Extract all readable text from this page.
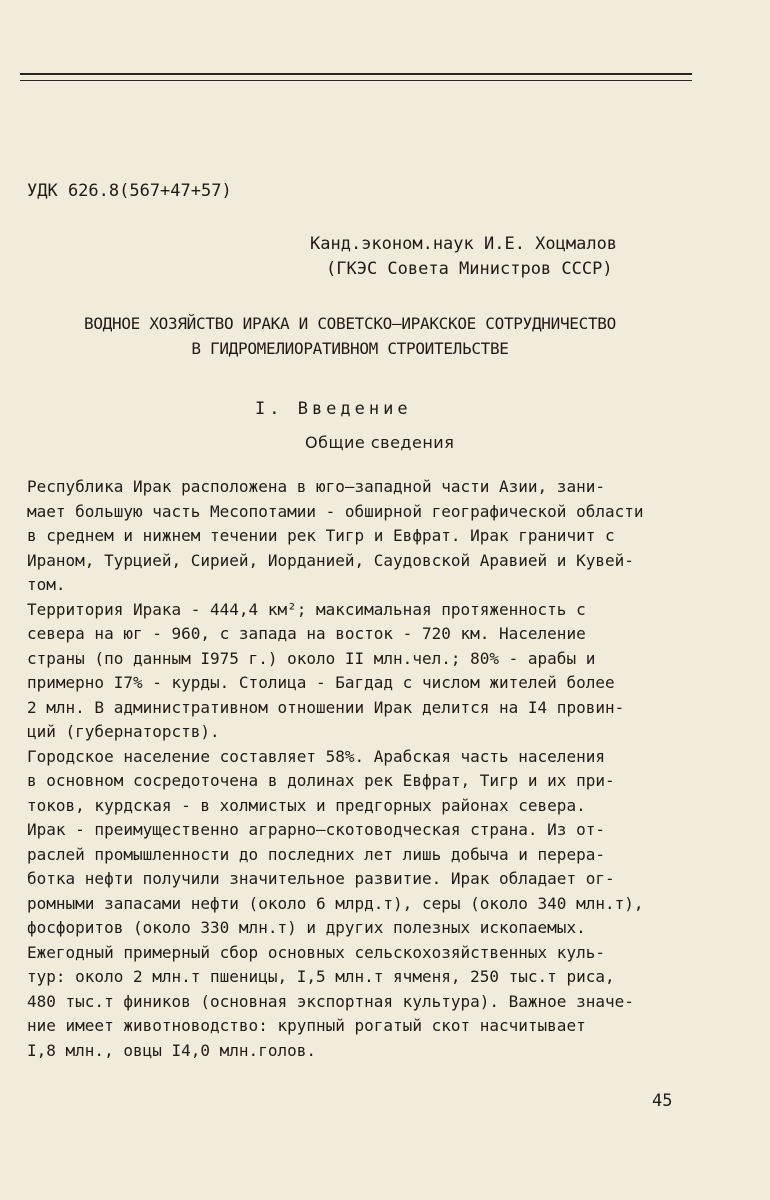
УДК 626.8(567+47+57)
Канд.эконом.наук И.Е. Хоцмалов
(ГКЭС Совета Министров СССР)
ВОДНОЕ ХОЗЯЙСТВО ИРАКА И СОВЕТСКО–ИРАКСКОЕ СОТРУДНИЧЕСТВО
В ГИДРОМЕЛИОРАТИВНОМ СТРОИТЕЛЬСТВЕ
I. Введение
Общие сведения

Республика Ирак расположена в юго–западной части Азии, зани-
мает большую часть Месопотамии - обширной географической области
в среднем и нижнем течении рек Тигр и Евфрат. Ирак граничит с
Ираном, Турцией, Сирией, Иорданией, Саудовской Аравией и Кувей-
том.

Территория Ирака - 444,4 км²; максимальная протяженность с
севера на юг - 960, с запада на восток - 720 км. Население
страны (по данным I975 г.) около II млн.чел.; 80% - арабы и
примерно I7% - курды. Столица - Багдад с числом жителей более
2 млн. В административном отношении Ирак делится на I4 провин-
ций (губернаторств).

Городское население составляет 58%. Арабская часть населения
в основном сосредоточена в долинах рек Евфрат, Тигр и их при-
токов, курдская - в холмистых и предгорных районах севера.

Ирак - преимущественно аграрно–скотоводческая страна. Из от-
раслей промышленности до последних лет лишь добыча и перера-
ботка нефти получили значительное развитие. Ирак обладает ог-
ромными запасами нефти (около 6 млрд.т), серы (около 340 млн.т),
фосфоритов (около 330 млн.т) и других полезных ископаемых.

Ежегодный примерный сбор основных сельскохозяйственных куль-
тур: около 2 млн.т пшеницы, I,5 млн.т ячменя, 250 тыс.т риса,
480 тыс.т фиников (основная экспортная культура). Важное значе-
ние имеет животноводство: крупный рогатый скот насчитывает
I,8 млн., овцы I4,0 млн.голов.

45
